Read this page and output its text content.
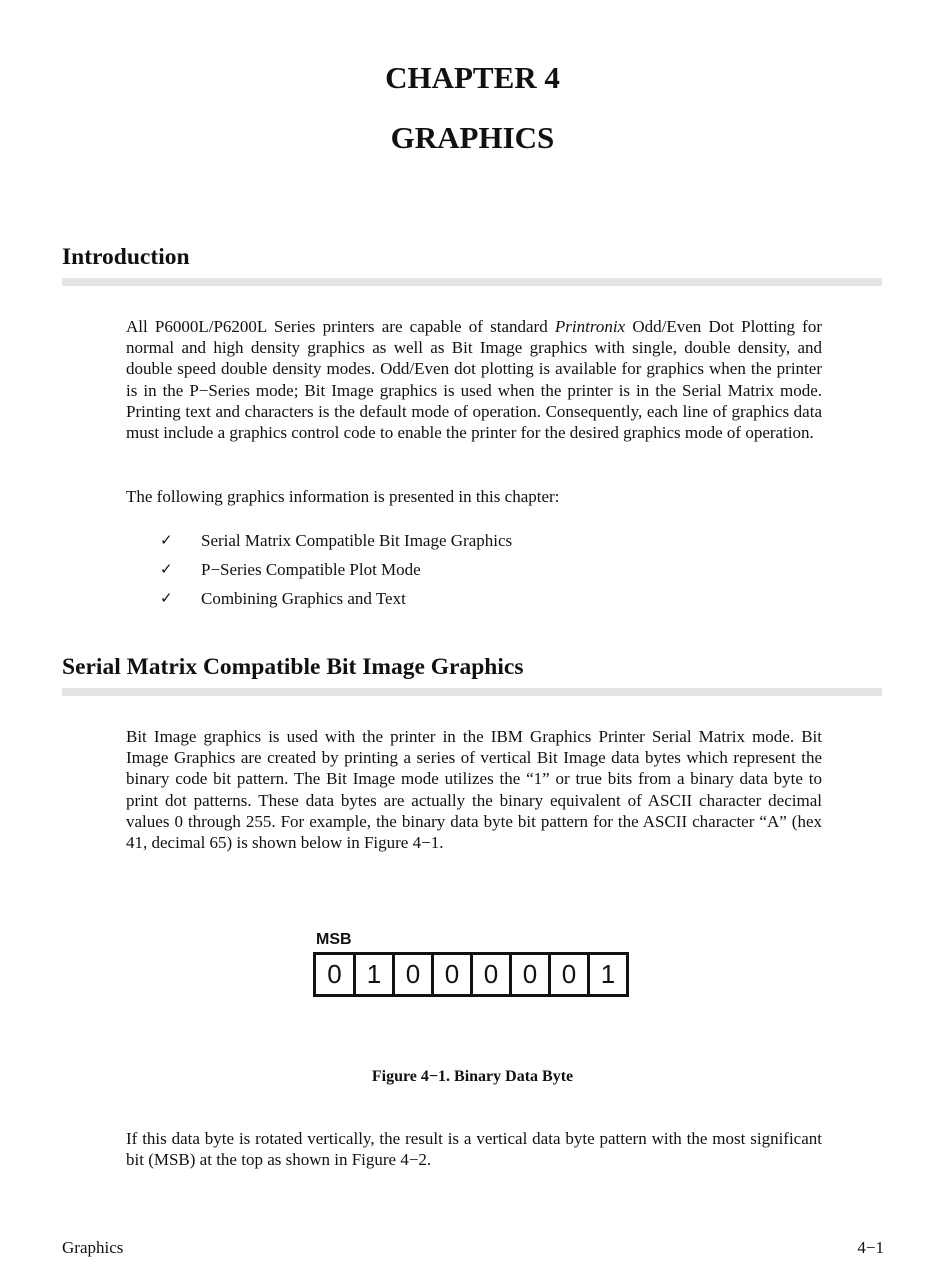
CHAPTER 4
GRAPHICS
Introduction

All P6000L/P6200L Series printers are capable of standard Printronix Odd/Even Dot Plotting for normal and high density graphics as well as Bit Image graphics with single, double density, and double speed double density modes. Odd/Even dot plotting is available for graphics when the printer is in the P−Series mode; Bit Image graphics is used when the printer is in the Serial Matrix mode. Printing text and characters is the default mode of operation. Consequently, each line of graphics data must include a graphics control code to enable the printer for the desired graphics mode of operation.

The following graphics information is presented in this chapter:

✓	Serial Matrix Compatible Bit Image Graphics
✓	P−Series Compatible Plot Mode
✓	Combining Graphics and Text
Serial Matrix Compatible Bit Image Graphics

Bit Image graphics is used with the printer in the IBM Graphics Printer Serial Matrix mode. Bit Image Graphics are created by printing a series of vertical Bit Image data bytes which represent the binary code bit pattern. The Bit Image mode utilizes the “1” or true bits from a binary data byte to print dot patterns. These data bytes are actually the binary equivalent of ASCII character decimal values 0 through 255. For example, the binary data byte bit pattern for the ASCII character “A” (hex 41, decimal 65) is shown below in Figure 4−1.

MSB

0 1 0 0 0 0 0 1

Figure 4−1. Binary Data Byte

If this data byte is rotated vertically, the result is a vertical data byte pattern with the most significant bit (MSB) at the top as shown in Figure 4−2.

Graphics	4−1
